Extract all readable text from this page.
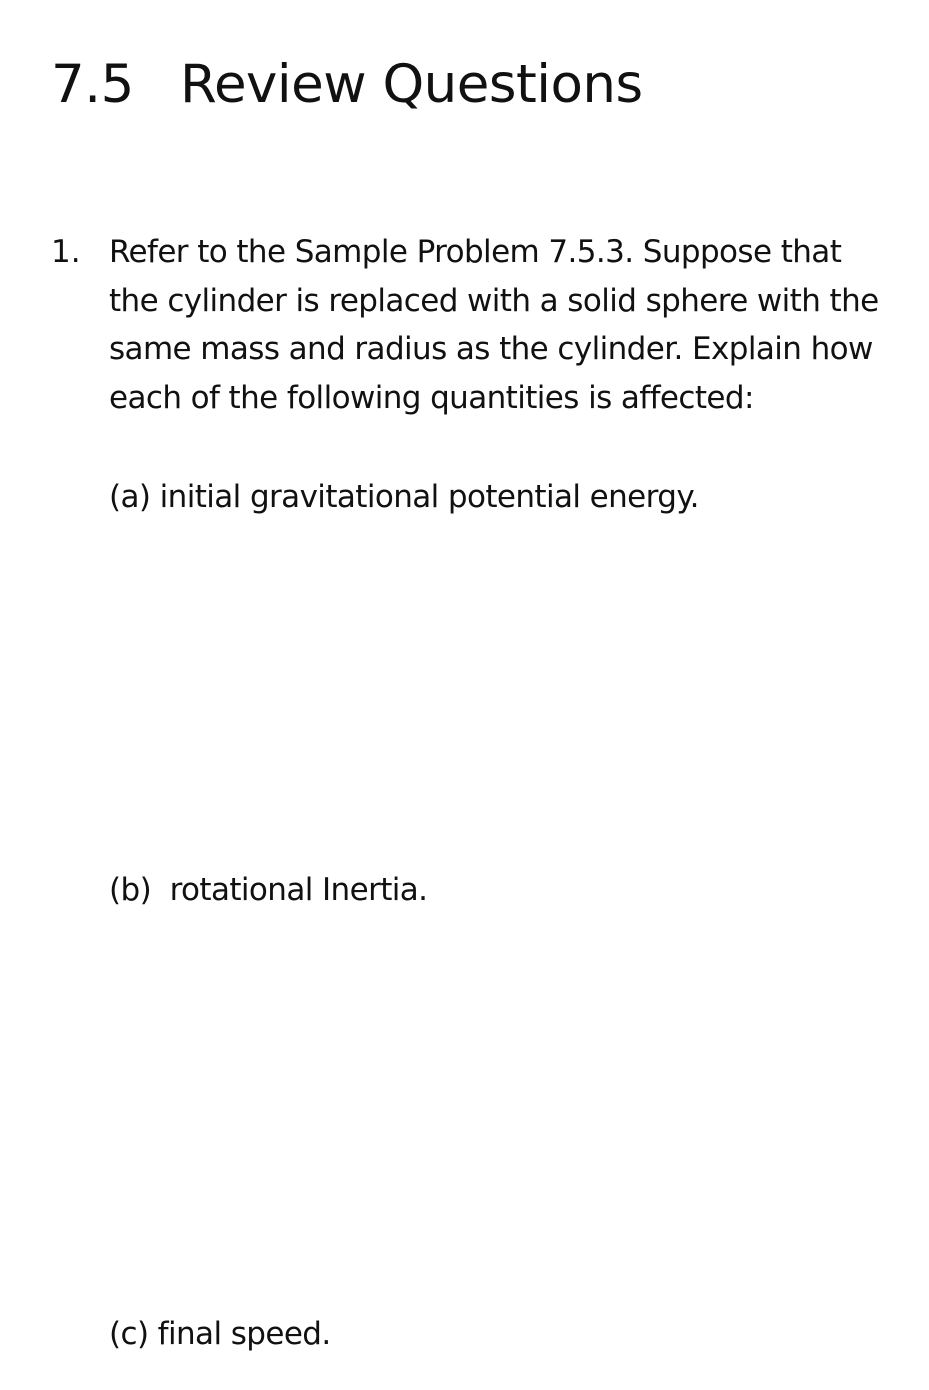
7.5 Review Questions
1. Refer to the Sample Problem 7.5.3. Suppose that
the cylinder is replaced with a solid sphere with the
same mass and radius as the cylinder. Explain how
each of the following quantities is affected:

(a) initial gravitational potential energy.

(b)  rotational Inertia.

(c) final speed.
